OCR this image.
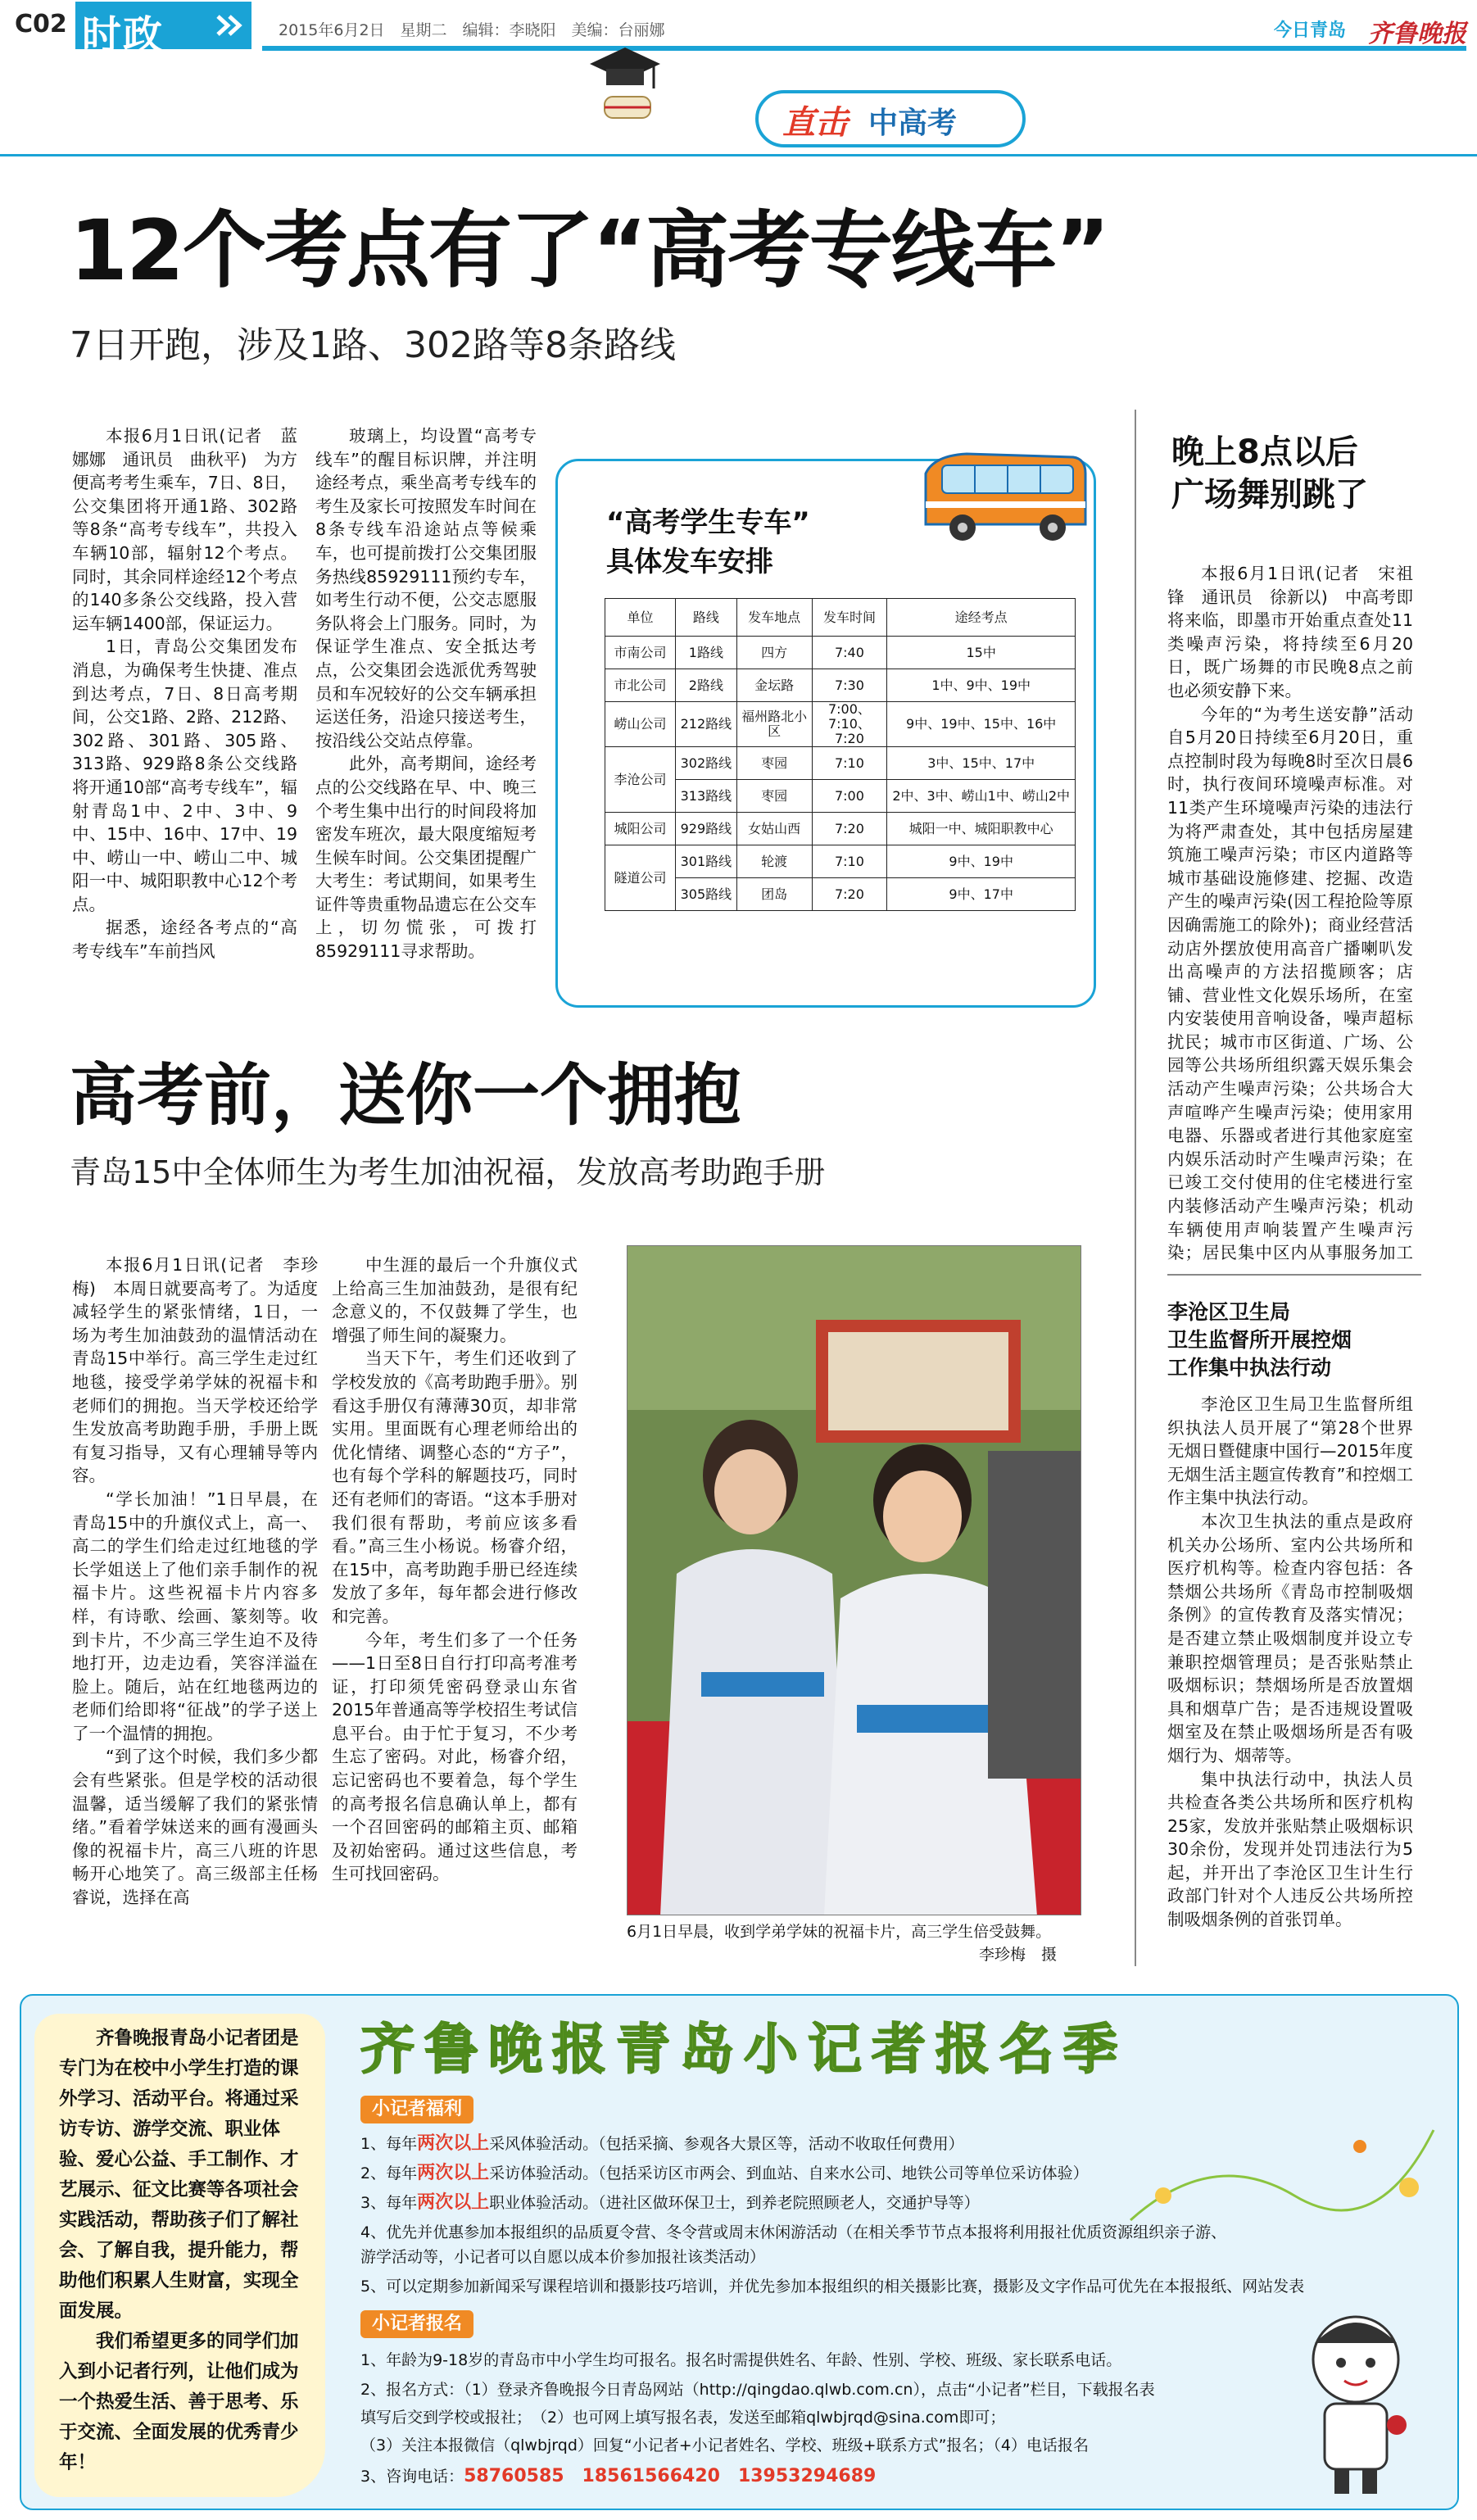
C02 时政	2015年6月2日　星期二　编辑：李晓阳　美编：台丽娜	今日青岛 齐鲁晚报
直击 中高考
12个考点有了“高考专线车”
7日开跑，涉及1路、302路等8条路线

本报6月1日讯(记者　蓝娜娜　通讯员　曲秋平)　为方便高考考生乘车，7日、8日，公交集团将开通1路、302路等8条“高考专线车”，共投入车辆10部，辐射12个考点。同时，其余同样途经12个考点的140多条公交线路，投入营运车辆1400部，保证运力。

1日，青岛公交集团发布消息，为确保考生快捷、准点到达考点，7日、8日高考期间，公交1路、2路、212路、302路、301路、305路、313路、929路8条公交线路将开通10部“高考专线车”，辐射青岛1中、2中、3中、9中、15中、16中、17中、19中、崂山一中、崂山二中、城阳一中、城阳职教中心12个考点。

据悉，途经各考点的“高考专线车”车前挡风

玻璃上，均设置“高考专线车”的醒目标识牌，并注明途经考点，乘坐高考专线车的考生及家长可按照发车时间在8条专线车沿途站点等候乘车，也可提前拨打公交集团服务热线85929111预约专车，如考生行动不便，公交志愿服务队将会上门服务。同时，为保证学生准点、安全抵达考点，公交集团会选派优秀驾驶员和车况较好的公交车辆承担运送任务，沿途只接送考生，按沿线公交站点停靠。

此外，高考期间，途经考点的公交线路在早、中、晚三个考生集中出行的时间段将加密发车班次，最大限度缩短考生候车时间。公交集团提醒广大考生：考试期间，如果考生证件等贵重物品遗忘在公交车上，切勿慌张，可拨打85929111寻求帮助。

“高考学生专车”
具体发车安排
单位	路线	发车地点	发车时间	途经考点
市南公司	1路线	四方	7:40	15中
市北公司	2路线	金坛路	7:30	1中、9中、19中
崂山公司	212路线	福州路北小区	7:00、7:10、7:20	9中、19中、15中、16中
李沧公司	302路线	枣园	7:10	3中、15中、17中
	313路线	枣园	7:00	2中、3中、崂山1中、崂山2中
城阳公司	929路线	女姑山西	7:20	城阳一中、城阳职教中心
隧道公司	301路线	轮渡	7:10	9中、19中
	305路线	团岛	7:20	9中、17中
晚上8点以后
广场舞别跳了

本报6月1日讯(记者　宋祖锋　通讯员　徐新以)　中高考即将来临，即墨市开始重点查处11类噪声污染，将持续至6月20日，既广场舞的市民晚8点之前也必须安静下来。

今年的“为考生送安静”活动自5月20日持续至6月20日，重点控制时段为每晚8时至次日晨6时，执行夜间环境噪声标准。对11类产生环境噪声污染的违法行为将严肃查处，其中包括房屋建筑施工噪声污染；市区内道路等城市基础设施修建、挖掘、改造产生的噪声污染(因工程抢险等原因确需施工的除外)；商业经营活动店外摆放使用高音广播喇叭发出高噪声的方法招揽顾客；店铺、营业性文化娱乐场所，在室内安装使用音响设备，噪声超标扰民；城市市区街道、广场、公园等公共场所组织露天娱乐集会活动产生噪声污染；公共场合大声喧哗产生噪声污染；使用家用电器、乐器或者进行其他家庭室内娱乐活动时产生噪声污染；在已竣工交付使用的住宅楼进行室内装修活动产生噪声污染；机动车辆使用声响装置产生噪声污染；居民集中区内从事服务加工

高考前，送你一个拥抱
青岛15中全体师生为考生加油祝福，发放高考助跑手册

本报6月1日讯(记者　李珍梅)　本周日就要高考了。为适度减轻学生的紧张情绪，1日，一场为考生加油鼓劲的温情活动在青岛15中举行。高三学生走过红地毯，接受学弟学妹的祝福卡和老师们的拥抱。当天学校还给学生发放高考助跑手册，手册上既有复习指导，又有心理辅导等内容。

“学长加油！”1日早晨，在青岛15中的升旗仪式上，高一、高二的学生们给走过红地毯的学长学姐送上了他们亲手制作的祝福卡片。这些祝福卡片内容多样，有诗歌、绘画、篆刻等。收到卡片，不少高三学生迫不及待地打开，边走边看，笑容洋溢在脸上。随后，站在红地毯两边的老师们给即将“征战”的学子送上了一个温情的拥抱。

“到了这个时候，我们多少都会有些紧张。但是学校的活动很温馨，适当缓解了我们的紧张情绪。”看着学妹送来的画有漫画头像的祝福卡片，高三八班的许思畅开心地笑了。高三级部主任杨睿说，选择在高

中生涯的最后一个升旗仪式上给高三生加油鼓劲，是很有纪念意义的，不仅鼓舞了学生，也增强了师生间的凝聚力。

当天下午，考生们还收到了学校发放的《高考助跑手册》。别看这手册仅有薄薄30页，却非常实用。里面既有心理老师给出的优化情绪、调整心态的“方子”，也有每个学科的解题技巧，同时还有老师们的寄语。“这本手册对我们很有帮助，考前应该多看看。”高三生小杨说。杨睿介绍，在15中，高考助跑手册已经连续发放了多年，每年都会进行修改和完善。

今年，考生们多了一个任务——1日至8日自行打印高考准考证，打印须凭密码登录山东省2015年普通高等学校招生考试信息平台。由于忙于复习，不少考生忘了密码。对此，杨睿介绍，忘记密码也不要着急，每个学生的高考报名信息确认单上，都有一个召回密码的邮箱主页、邮箱及初始密码。通过这些信息，考生可找回密码。

6月1日早晨，收到学弟学妹的祝福卡片，高三学生倍受鼓舞。
李珍梅　摄
李沧区卫生局
卫生监督所开展控烟
工作集中执法行动

李沧区卫生局卫生监督所组织执法人员开展了“第28个世界无烟日暨健康中国行—2015年度无烟生活主题宣传教育”和控烟工作主集中执法行动。

本次卫生执法的重点是政府机关办公场所、室内公共场所和医疗机构等。检查内容包括：各禁烟公共场所《青岛市控制吸烟条例》的宣传教育及落实情况；是否建立禁止吸烟制度并设立专兼职控烟管理员；是否张贴禁止吸烟标识；禁烟场所是否放置烟具和烟草广告；是否违规设置吸烟室及在禁止吸烟场所是否有吸烟行为、烟蒂等。

集中执法行动中，执法人员共检查各类公共场所和医疗机构25家，发放并张贴禁止吸烟标识30余份，发现并处罚违法行为5起，并开出了李沧区卫生计生行政部门针对个人违反公共场所控制吸烟条例的首张罚单。

齐鲁晚报青岛小记者团是专门为在校中小学生打造的课外学习、活动平台。将通过采访专访、游学交流、职业体验、爱心公益、手工制作、才艺展示、征文比赛等各项社会实践活动，帮助孩子们了解社会、了解自我，提升能力，帮助他们积累人生财富，实现全面发展。

我们希望更多的同学们加入到小记者行列，让他们成为一个热爱生活、善于思考、乐于交流、全面发展的优秀青少年！

齐鲁晚报青岛小记者报名季
小记者福利
1、每年两次以上采风体验活动。（包括采摘、参观各大景区等，活动不收取任何费用）
2、每年两次以上采访体验活动。（包括采访区市两会、到血站、自来水公司、地铁公司等单位采访体验）
3、每年两次以上职业体验活动。（进社区做环保卫士，到养老院照顾老人，交通护导等）
4、优先并优惠参加本报组织的品质夏令营、冬令营或周末休闲游活动（在相关季节节点本报将利用报社优质资源组织亲子游、
游学活动等，小记者可以自愿以成本价参加报社该类活动）
5、可以定期参加新闻采写课程培训和摄影技巧培训，并优先参加本报组织的相关摄影比赛，摄影及文字作品可优先在本报报纸、网站发表
小记者报名
1、年龄为9-18岁的青岛市中小学生均可报名。报名时需提供姓名、年龄、性别、学校、班级、家长联系电话。
2、报名方式：（1）登录齐鲁晚报今日青岛网站（http://qingdao.qlwb.com.cn），点击“小记者”栏目，下载报名表
填写后交到学校或报社；　（2）也可网上填写报名表，发送至邮箱qlwbjrqd@sina.com即可；
（3）关注本报微信（qlwbjrqd）回复“小记者+小记者姓名、学校、班级+联系方式”报名；（4）电话报名
3、咨询电话：58760585　18561566420　13953294689
